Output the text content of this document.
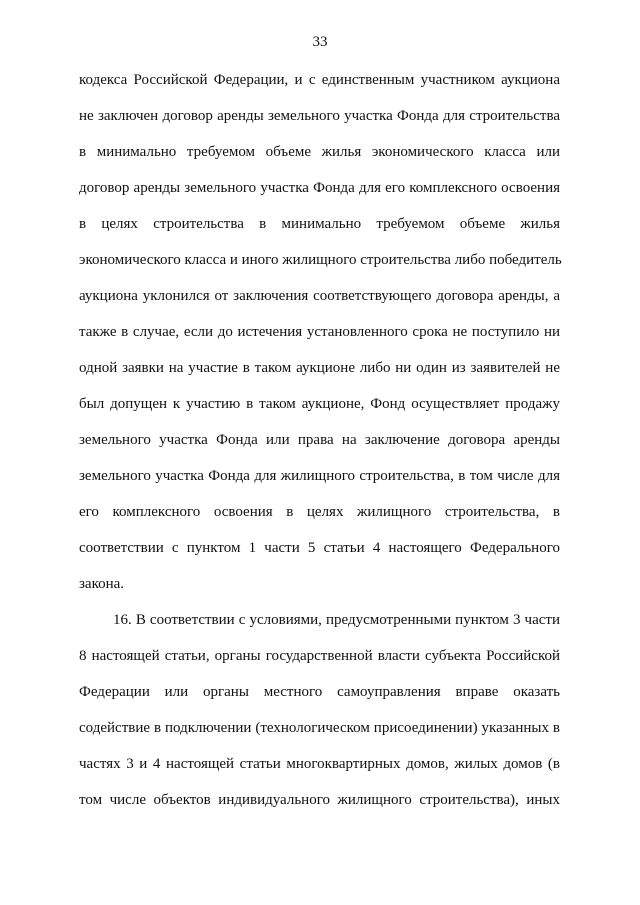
33
кодекса Российской Федерации, и с единственным участником аукциона
не заключен договор аренды земельного участка Фонда для строительства
в минимально требуемом объеме жилья экономического класса или
договор аренды земельного участка Фонда для его комплексного освоения
в целях строительства в минимально требуемом объеме жилья
экономического класса и иного жилищного строительства либо победитель
аукциона уклонился от заключения соответствующего договора аренды, а
также в случае, если до истечения установленного срока не поступило ни
одной заявки на участие в таком аукционе либо ни один из заявителей не
был допущен к участию в таком аукционе, Фонд осуществляет продажу
земельного участка Фонда или права на заключение договора аренды
земельного участка Фонда для жилищного строительства, в том числе для
его комплексного освоения в целях жилищного строительства, в
соответствии с пунктом 1 части 5 статьи 4 настоящего Федерального
закона.
16. В соответствии с условиями, предусмотренными пунктом 3 части
8 настоящей статьи, органы государственной власти субъекта Российской
Федерации или органы местного самоуправления вправе оказать
содействие в подключении (технологическом присоединении) указанных в
частях 3 и 4 настоящей статьи многоквартирных домов, жилых домов (в
том числе объектов индивидуального жилищного строительства), иных
